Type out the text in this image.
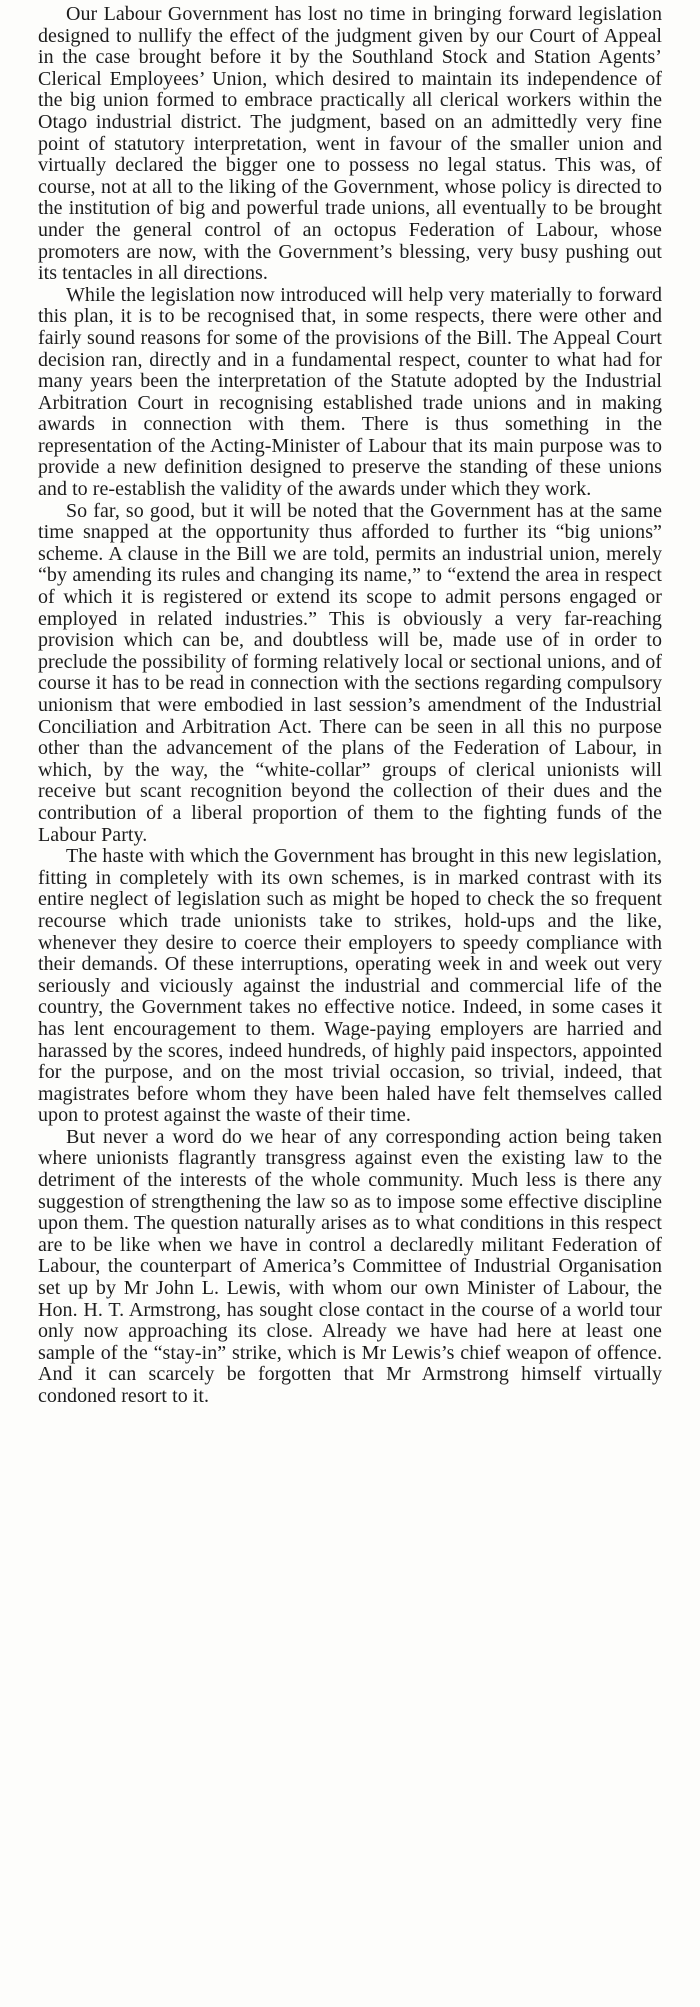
Our Labour Government has lost no time in bringing forward legislation designed to nullify the effect of the judgment given by our Court of Appeal in the case brought before it by the Southland Stock and Station Agents’ Clerical Employees’ Union, which desired to maintain its independence of the big union formed to embrace practically all clerical workers within the Otago industrial district. The judgment, based on an admittedly very fine point of statutory interpretation, went in favour of the smaller union and virtually declared the bigger one to possess no legal status. This was, of course, not at all to the liking of the Government, whose policy is directed to the institution of big and powerful trade unions, all eventually to be brought under the general control of an octopus Federation of Labour, whose promoters are now, with the Government’s blessing, very busy pushing out its tentacles in all directions.

While the legislation now introduced will help very materially to forward this plan, it is to be recognised that, in some respects, there were other and fairly sound reasons for some of the provisions of the Bill. The Appeal Court decision ran, directly and in a fundamental respect, counter to what had for many years been the interpretation of the Statute adopted by the Industrial Arbitration Court in recognising established trade unions and in making awards in connection with them. There is thus something in the representation of the Acting-Minister of Labour that its main purpose was to provide a new definition designed to preserve the standing of these unions and to re-establish the validity of the awards under which they work.

So far, so good, but it will be noted that the Government has at the same time snapped at the opportunity thus afforded to further its “big unions” scheme. A clause in the Bill we are told, permits an industrial union, merely “by amending its rules and changing its name,” to “extend the area in respect of which it is registered or extend its scope to admit persons engaged or employed in related industries.” This is obviously a very far-reaching provision which can be, and doubtless will be, made use of in order to preclude the possibility of forming relatively local or sectional unions, and of course it has to be read in connection with the sections regarding compulsory unionism that were embodied in last session’s amendment of the Industrial Conciliation and Arbitration Act. There can be seen in all this no purpose other than the advancement of the plans of the Federation of Labour, in which, by the way, the “white-collar” groups of clerical unionists will receive but scant recognition beyond the collection of their dues and the contribution of a liberal proportion of them to the fighting funds of the Labour Party.

The haste with which the Government has brought in this new legislation, fitting in completely with its own schemes, is in marked contrast with its entire neglect of legislation such as might be hoped to check the so frequent recourse which trade unionists take to strikes, hold-ups and the like, whenever they desire to coerce their employers to speedy compliance with their demands. Of these interruptions, operating week in and week out very seriously and viciously against the industrial and commercial life of the country, the Government takes no effective notice. Indeed, in some cases it has lent encouragement to them. Wage-paying employers are harried and harassed by the scores, indeed hundreds, of highly paid inspectors, appointed for the purpose, and on the most trivial occasion, so trivial, indeed, that magistrates before whom they have been haled have felt themselves called upon to protest against the waste of their time.

But never a word do we hear of any corresponding action being taken where unionists flagrantly transgress against even the existing law to the detriment of the interests of the whole community. Much less is there any suggestion of strengthening the law so as to impose some effective discipline upon them. The question naturally arises as to what conditions in this respect are to be like when we have in control a declaredly militant Federation of Labour, the counterpart of America’s Committee of Industrial Organisation set up by Mr John L. Lewis, with whom our own Minister of Labour, the Hon. H. T. Armstrong, has sought close contact in the course of a world tour only now approaching its close. Already we have had here at least one sample of the “stay-in” strike, which is Mr Lewis’s chief weapon of offence. And it can scarcely be forgotten that Mr Armstrong himself virtually condoned resort to it.
